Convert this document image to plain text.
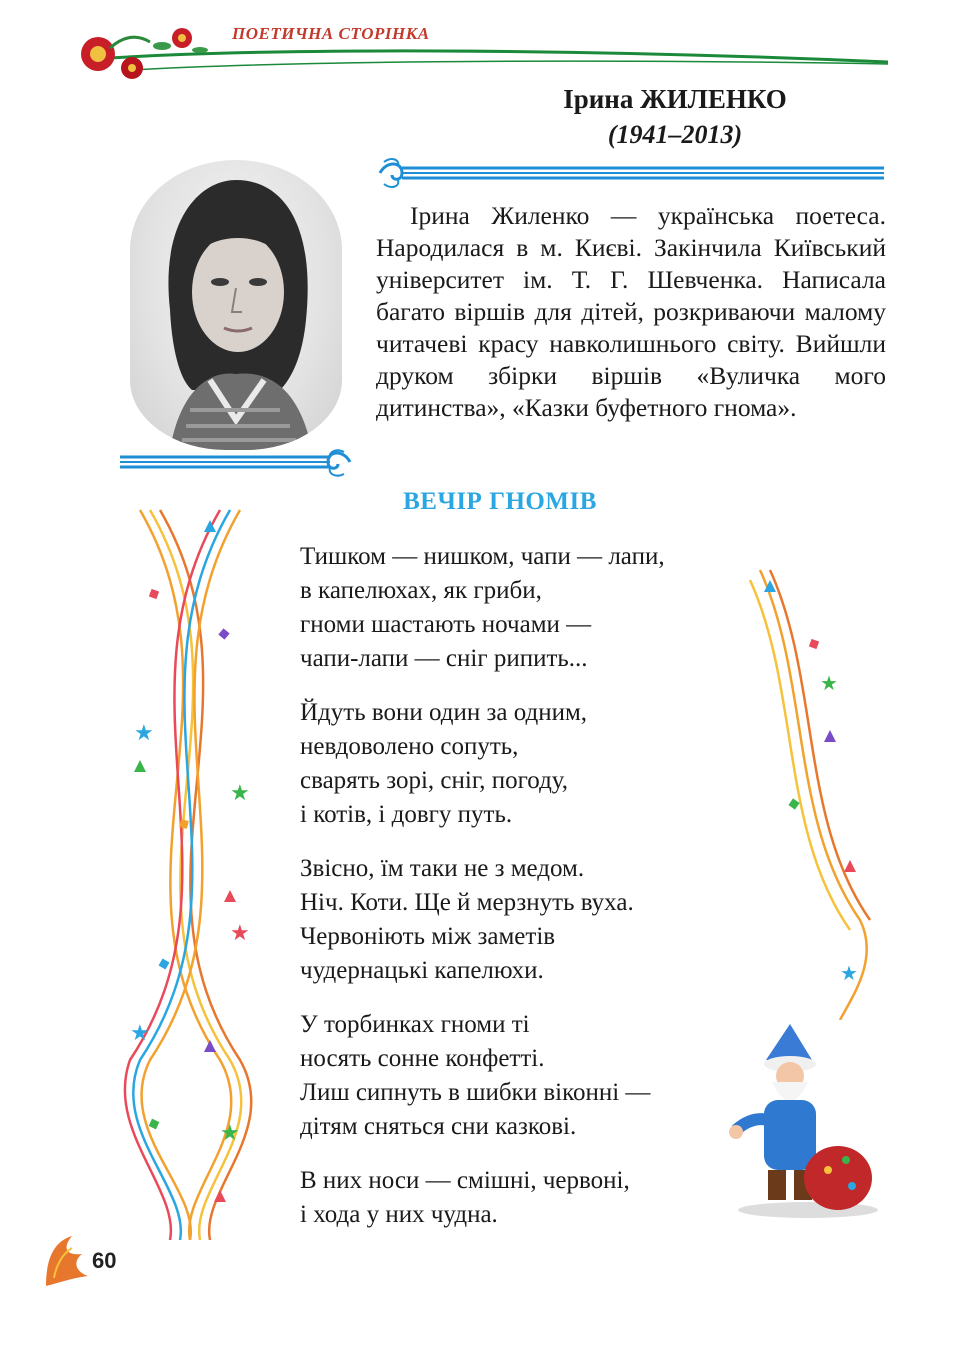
ПОЕТИЧНА СТОРІНКА
Ірина ЖИЛЕНКО
(1941–2013)
Ірина Жиленко — українська поетеса. Народилася в м. Києві. Закінчила Київський університет ім. Т. Г. Шевченка. Написала багато віршів для дітей, розкриваючи малому читачеві красу навколишнього світу. Вийшли друком збірки віршів «Вуличка мого дитинства», «Казки буфетного гнома».
ВЕЧІР ГНОМІВ
Тишком — нишком, чапи — лапи,
в капелюхах, як гриби,
гноми шастають ночами —
чапи-лапи — сніг рипить...
Йдуть вони один за одним,
невдоволено сопуть,
сварять зорі, сніг, погоду,
і котів, і довгу путь.
Звісно, їм таки не з медом.
Ніч. Коти. Ще й мерзнуть вуха.
Червоніють між заметів
чудернацькі капелюхи.
У торбинках гноми ті
носять сонне конфетті.
Лиш сипнуть в шибки віконні —
дітям сняться сни казкові.
В них носи — смішні, червоні,
і хода у них чудна.
★
★
★
★
★
★
★
60
